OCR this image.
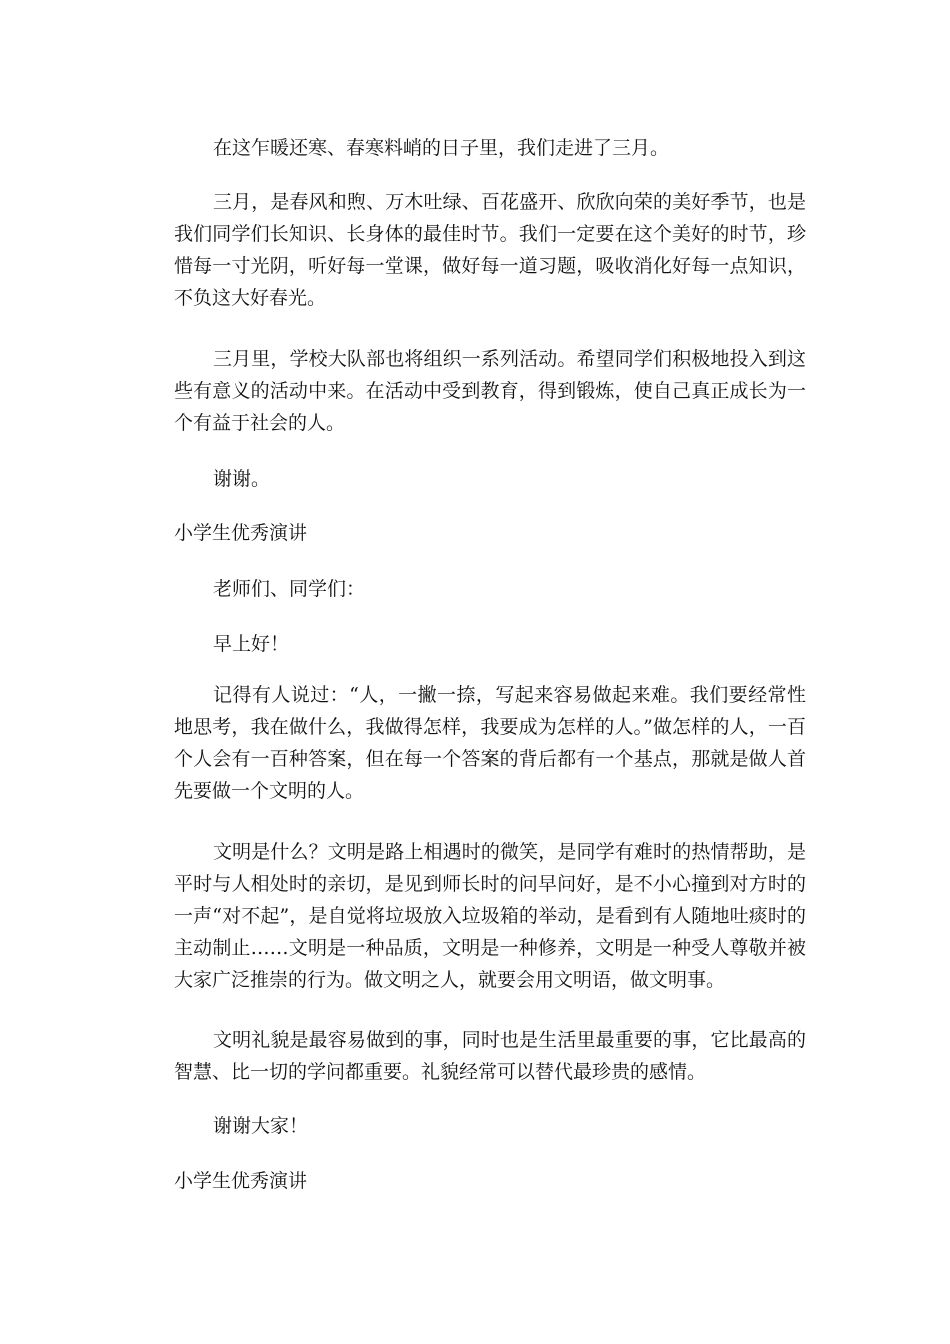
在这乍暖还寒、春寒料峭的日子里，我们走进了三月。

三月，是春风和煦、万木吐绿、百花盛开、欣欣向荣的美好季节，也是我们同学们长知识、长身体的最佳时节。我们一定要在这个美好的时节，珍惜每一寸光阴，听好每一堂课，做好每一道习题，吸收消化好每一点知识，不负这大好春光。

三月里，学校大队部也将组织一系列活动。希望同学们积极地投入到这些有意义的活动中来。在活动中受到教育，得到锻炼，使自己真正成长为一个有益于社会的人。

谢谢。

小学生优秀演讲

老师们、同学们：

早上好！

记得有人说过：“人，一撇一捺，写起来容易做起来难。我们要经常性地思考，我在做什么，我做得怎样，我要成为怎样的人。”做怎样的人，一百个人会有一百种答案，但在每一个答案的背后都有一个基点，那就是做人首先要做一个文明的人。

文明是什么？文明是路上相遇时的微笑，是同学有难时的热情帮助，是平时与人相处时的亲切，是见到师长时的问早问好，是不小心撞到对方时的一声“对不起”，是自觉将垃圾放入垃圾箱的举动，是看到有人随地吐痰时的主动制止……文明是一种品质，文明是一种修养，文明是一种受人尊敬并被大家广泛推崇的行为。做文明之人，就要会用文明语，做文明事。

文明礼貌是最容易做到的事，同时也是生活里最重要的事，它比最高的智慧、比一切的学问都重要。礼貌经常可以替代最珍贵的感情。

谢谢大家！

小学生优秀演讲
